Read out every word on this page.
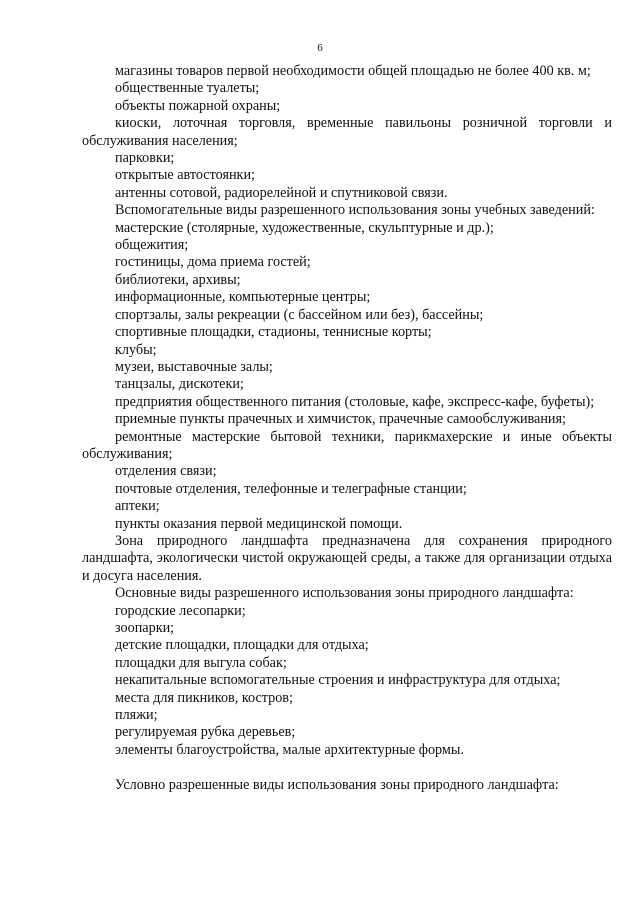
6

магазины товаров первой необходимости общей площадью не более 400 кв. м;

общественные туалеты;

объекты пожарной охраны;

киоски, лоточная торговля, временные павильоны розничной торговли и обслуживания населения;

парковки;

открытые автостоянки;

антенны сотовой, радиорелейной и спутниковой связи.

Вспомогательные виды разрешенного использования зоны учебных заведений:

мастерские (столярные, художественные, скульптурные и др.);

общежития;

гостиницы, дома приема гостей;

библиотеки, архивы;

информационные, компьютерные центры;

спортзалы, залы рекреации (с бассейном или без), бассейны;

спортивные площадки, стадионы, теннисные корты;

клубы;

музеи, выставочные залы;

танцзалы, дискотеки;

предприятия общественного питания (столовые, кафе, экспресс-кафе, буфеты);

приемные пункты прачечных и химчисток, прачечные самообслуживания;

ремонтные мастерские бытовой техники, парикмахерские и иные объекты обслуживания;

отделения связи;

почтовые отделения, телефонные и телеграфные станции;

аптеки;

пункты оказания первой медицинской помощи.

Зона природного ландшафта предназначена для сохранения природного ландшафта, экологически чистой окружающей среды, а также для организации отдыха и досуга населения.

Основные виды разрешенного использования зоны природного ландшафта:

городские лесопарки;

зоопарки;

детские площадки, площадки для отдыха;

площадки для выгула собак;

некапитальные вспомогательные строения и инфраструктура для отдыха;

места для пикников, костров;

пляжи;

регулируемая рубка деревьев;

элементы благоустройства, малые архитектурные формы.

Условно разрешенные виды использования зоны природного ландшафта:
